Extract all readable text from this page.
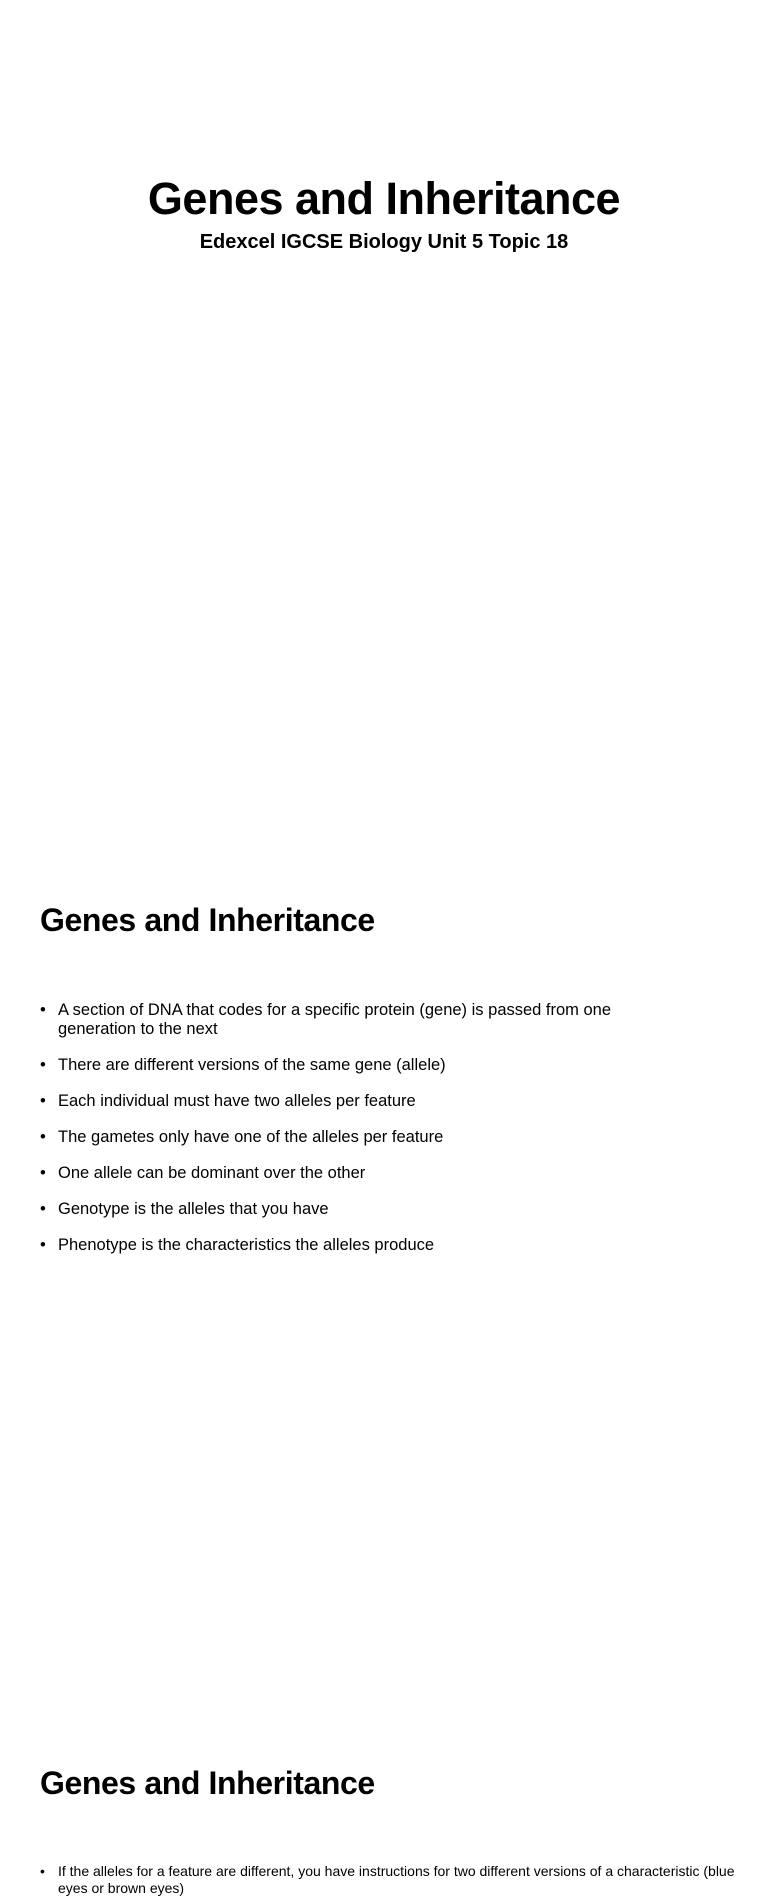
Genes and Inheritance
Edexcel IGCSE Biology Unit 5 Topic 18
Genes and Inheritance
• A section of DNA that codes for a specific protein (gene) is passed from one generation to the next
• There are different versions of the same gene (allele)
• Each individual must have two alleles per feature
• The gametes only have one of the alleles per feature
• One allele can be dominant over the other
• Genotype is the alleles that you have
• Phenotype is the characteristics the alleles produce
Genes and Inheritance
• If the alleles for a feature are different, you have instructions for two different versions of a characteristic (blue eyes or brown eyes)
